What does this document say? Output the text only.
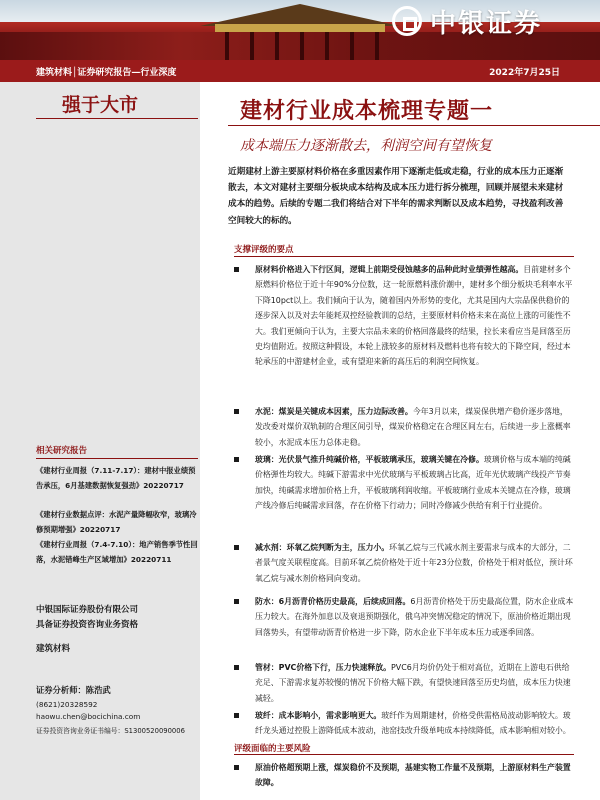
中银证券
建筑材料│证券研究报告—行业深度	2022年7月25日
强于大市	建材行业成本梳理专题一
成本端压力逐渐散去，利润空间有望恢复
近期建材上游主要原材料价格在多重因素作用下逐渐走低或走稳，行业的成本压力正逐渐散去，本文对建材主要细分板块成本结构及成本压力进行拆分梳理，回顾并展望未来建材成本的趋势。后续的专题二我们将结合对下半年的需求判断以及成本趋势，寻找盈利改善空间较大的标的。
支撑评级的要点
原材料价格进入下行区间，逻辑上前期受侵蚀越多的品种此时业绩弹性越高。目前建材多个原燃料价格位于近十年90%分位数，这一轮原燃料涨价潮中，建材多个细分板块毛利率水平下降10pct以上。我们倾向于认为，随着国内外形势的变化，尤其是国内大宗品保供稳价的逐步深入以及对去年能耗双控经验教训的总结，主要原材料价格未来在高位上涨的可能性不大。我们更倾向于认为，主要大宗品未来的价格回落最终的结果，拉长来看应当是回落至历史均值附近。按照这种假设，本轮上涨较多的原材料及燃料也将有较大的下降空间，经过本轮承压的中游建材企业，或有望迎来新的高压后的利润空间恢复。
水泥：煤炭是关键成本因素，压力边际改善。今年3月以来，煤炭保供增产稳价逐步落地，发改委对煤价双轨制的合理区间引导，煤炭价格稳定在合理区间左右，后续进一步上涨概率较小，水泥成本压力总体走稳。
玻璃：光伏景气推升纯碱价格，平板玻璃承压，玻璃关键在冷修。玻璃价格与成本端的纯碱价格弹性均较大。纯碱下游需求中光伏玻璃与平板玻璃占比高，近年光伏玻璃产线投产节奏加快，纯碱需求增加价格上升，平板玻璃利润收缩。平板玻璃行业成本关键点在冷修，玻璃产线冷修后纯碱需求回落，存在价格下行动力；同时冷修减少供给有利于行业提价。
减水剂：环氧乙烷判断为主，压力小。环氧乙烷与三代减水剂主要需求与成本的大部分，二者景气度关联程度高。目前环氧乙烷价格处于近十年23分位数，价格处于相对低位，预计环氧乙烷与减水剂价格同向变动。
防水：6月沥青价格历史最高，后续成回落。6月沥青价格处于历史最高位置，防水企业成本压力较大。在海外加息以及衰退预期强化，俄乌冲突情况稳定的情况下，原油价格近期出现回落势头，有望带动沥青价格进一步下降，防水企业下半年成本压力或逐季回落。
管材：PVC价格下行，压力快速释放。PVC6月均价仍处于相对高位，近期在上游电石供给充足、下游需求复苏较慢的情况下价格大幅下跌，有望快速回落至历史均值，成本压力快速减轻。
玻纤：成本影响小，需求影响更大。玻纤作为周期建材，价格受供需格局波动影响较大。玻纤龙头通过控股上游降低成本波动，池窑技改升级单吨成本持续降低，成本影响相对较小。
评级面临的主要风险
原油价格超预期上涨，煤炭稳价不及预期，基建实物工作量不及预期，上游原材料生产装置故障。
相关研究报告
《建材行业周报（7.11-7.17）：建材中报业绩预告承压，6月基建数据恢复强劲》20220717
《建材行业数据点评：水泥产量降幅收窄，玻璃冷修预期增强》20220717
《建材行业周报（7.4-7.10）：地产销售季节性回落，水泥错峰生产区域增加》20220711
中银国际证券股份有限公司
具备证券投资咨询业务资格
建筑材料
证券分析师：陈浩武
(8621)20328592
haowu.chen@bocichina.com
证券投资咨询业务证书编号：S1300520090006
